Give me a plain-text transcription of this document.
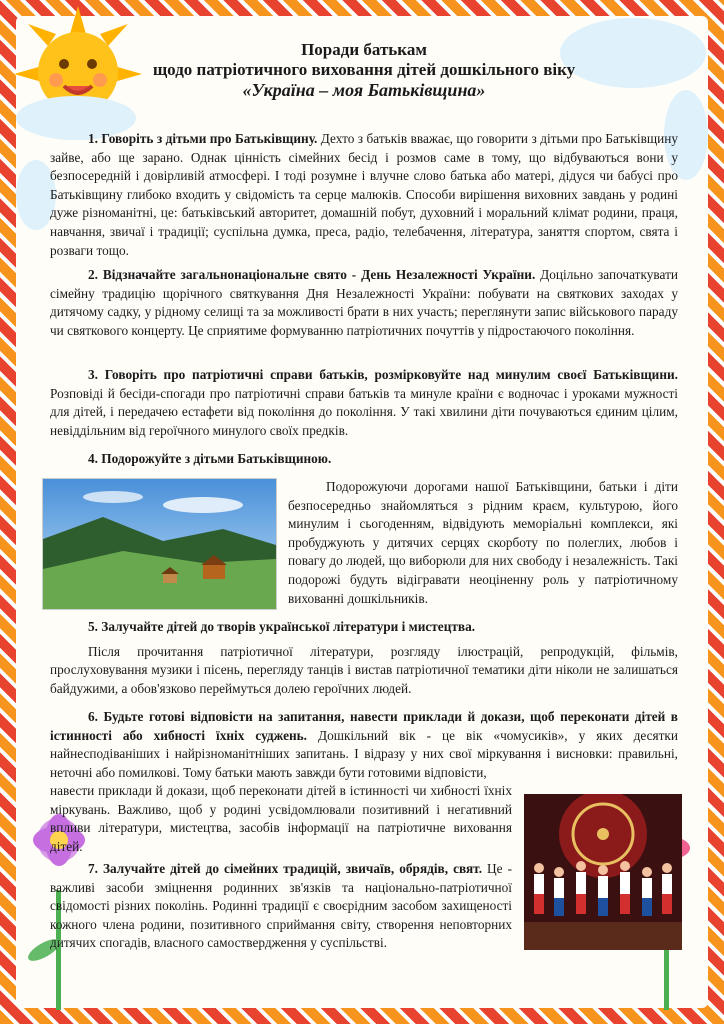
Поради батькам

щодо патріотичного виховання дітей дошкільного віку

«Україна – моя Батьківщина»

1. Говоріть з дітьми про Батьківщину. Дехто з батьків вважає, що говорити з дітьми про Батьківщину зайве, або ще зарано. Однак цінність сімейних бесід і розмов саме в тому, що відбуваються вони у безпосередній і довірливій атмосфері. І тоді розумне і влучне слово батька або матері, дідуся чи бабусі про Батьківщину глибоко входить у свідомість та серце малюків. Способи вирішення виховних завдань у родині дуже різноманітні, це: батьківський авторитет, домашній побут, духовний і моральний клімат родини, праця, навчання, звичаї і традиції; суспільна думка, преса, радіо, телебачення, література, заняття спортом, свята і розваги тощо.

2. Відзначайте загальнонаціональне свято - День Незалежності України. Доцільно започаткувати сімейну традицію щорічного святкування Дня Незалежності України: побувати на святкових заходах у дитячому садку, у рідному селищі та за можливості брати в них участь; переглянути запис військового параду чи святкового концерту. Це сприятиме формуванню патріотичних почуттів у підростаючого покоління.

3. Говоріть про патріотичні справи батьків, розмірковуйте над минулим своєї Батьківщини. Розповіді й бесіди-спогади про патріотичні справи батьків та минуле країни є водночас і уроками мужності для дітей, і передачею естафети від покоління до покоління. У такі хвилини діти почуваються єдиним цілим, невіддільним від героїчного минулого своїх предків.

4. Подорожуйте з дітьми Батьківщиною.

Подорожуючи дорогами нашої Батьківщини, батьки і діти безпосередньо знайомляться з рідним краєм, культурою, його минулим і сьогоденням, відвідують меморіальні комплекси, які пробуджують у дитячих серцях скорботу по полеглих, любов і повагу до людей, що виборюли для них свободу і незалежність. Такі подорожі будуть відігравати неоціненну роль у патріотичному вихованні дошкільників.

5. Залучайте дітей до творів української літератури і мистецтва.

Після прочитання патріотичної літератури, розгляду ілюстрацій, репродукцій, фільмів, прослуховування музики і пісень, перегляду танців і вистав патріотичної тематики діти ніколи не залишаться байдужими, а обов'язково переймуться долею героїчних людей.

6. Будьте готові відповісти на запитання, навести приклади й докази, щоб переконати дітей в істинності або хибності їхніх суджень. Дошкільний вік - це вік «чомусиків», у яких десятки найнесподіваніших і найрізноманітніших запитань. І відразу у них свої міркування і висновки: правильні, неточні або помилкові. Тому батьки мають завжди бути готовими відповісти,

навести приклади й докази, щоб переконати дітей в істинності чи хибності їхніх міркувань. Важливо, щоб у родині усвідомлювали позитивний і негативний впливи літератури, мистецтва, засобів інформації на патріотичне виховання дітей.

7. Залучайте дітей до сімейних традицій, звичаїв, обрядів, свят. Це - важливі засоби зміцнення родинних зв'язків та національно-патріотичної свідомості різних поколінь. Родинні традиції є своєрідним засобом захищеності кожного члена родини, позитивного сприймання світу, створення неповторних дитячих спогадів, власного самоствердження у суспільстві.
